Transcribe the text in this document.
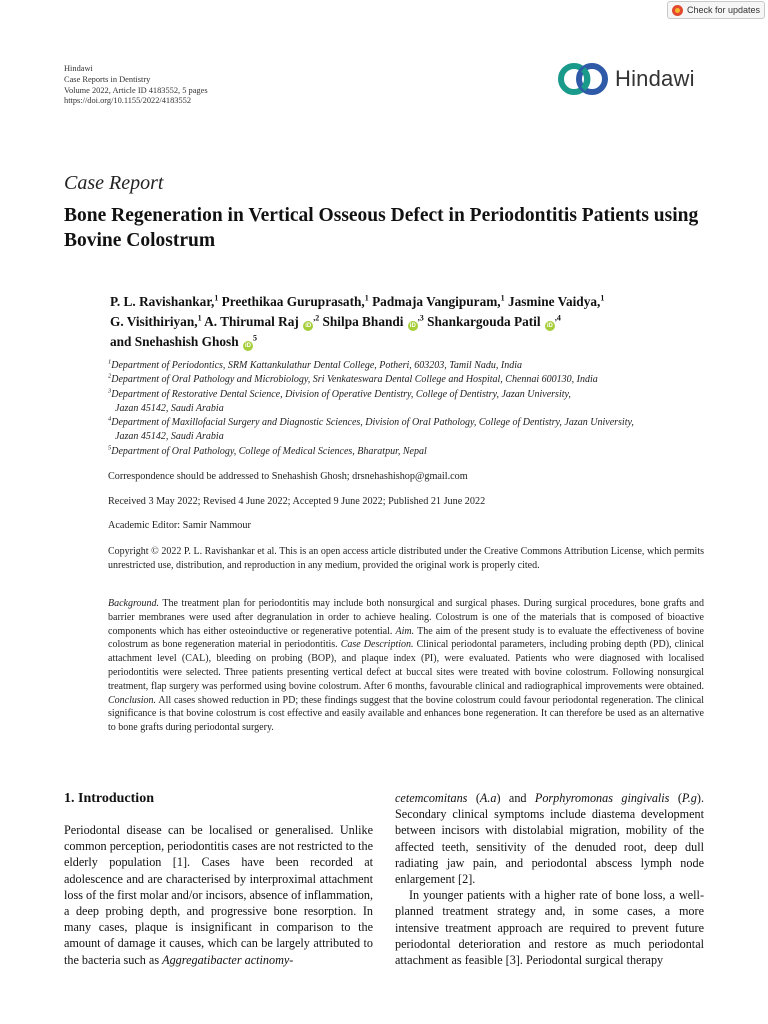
Check for updates
Hindawi
Case Reports in Dentistry
Volume 2022, Article ID 4183552, 5 pages
https://doi.org/10.1155/2022/4183552
Hindawi
Case Report
Bone Regeneration in Vertical Osseous Defect in Periodontitis Patients using Bovine Colostrum
P. L. Ravishankar,$^1$ Preethikaa Guruprasath,$^1$ Padmaja Vangipuram,$^1$ Jasmine Vaidya,$^1$
G. Visithiriyan,$^1$ A. Thirumal Raj $iD^{,2}$ Shilpa Bhandi $iD^{,3}$ Shankargouda Patil $iD^{,4}$
and Snehashish Ghosh $iD^5$
$^1$Department of Periodontics, SRM Kattankulathur Dental College, Potheri, 603203, Tamil Nadu, India
$^2$Department of Oral Pathology and Microbiology, Sri Venkateswara Dental College and Hospital, Chennai 600130, India
$^3$Department of Restorative Dental Science, Division of Operative Dentistry, College of Dentistry, Jazan University,
Jazan 45142, Saudi Arabia
$^4$Department of Maxillofacial Surgery and Diagnostic Sciences, Division of Oral Pathology, College of Dentistry, Jazan University,
Jazan 45142, Saudi Arabia
$^5$Department of Oral Pathology, College of Medical Sciences, Bharatpur, Nepal
Correspondence should be addressed to Snehashish Ghosh; drsnehashishop@gmail.com
Received 3 May 2022; Revised 4 June 2022; Accepted 9 June 2022; Published 21 June 2022
Academic Editor: Samir Nammour
Copyright © 2022 P. L. Ravishankar et al. This is an open access article distributed under the Creative Commons Attribution License, which permits unrestricted use, distribution, and reproduction in any medium, provided the original work is properly cited.
Background. The treatment plan for periodontitis may include both nonsurgical and surgical phases. During surgical procedures, bone grafts and barrier membranes were used after degranulation in order to achieve healing. Colostrum is one of the materials that is composed of bioactive components which has either osteoinductive or regenerative potential. Aim. The aim of the present study is to evaluate the effectiveness of bovine colostrum as bone regeneration material in periodontitis. Case Description. Clinical periodontal parameters, including probing depth (PD), clinical attachment level (CAL), bleeding on probing (BOP), and plaque index (PI), were evaluated. Patients who were diagnosed with localised periodontitis were selected. Three patients presenting vertical defect at buccal sites were treated with bovine colostrum. Following nonsurgical treatment, flap surgery was performed using bovine colostrum. After 6 months, favourable clinical and radiographical improvements were obtained. Conclusion. All cases showed reduction in PD; these findings suggest that the bovine colostrum could favour periodontal regeneration. The clinical significance is that bovine colostrum is cost effective and easily available and enhances bone regeneration. It can therefore be used as an alternative to bone grafts during periodontal surgery.
1. Introduction

Periodontal disease can be localised or generalised. Unlike common perception, periodontitis cases are not restricted to the elderly population [1]. Cases have been recorded at adolescence and are characterised by interproximal attachment loss of the first molar and/or incisors, absence of inflammation, a deep probing depth, and progressive bone resorption. In many cases, plaque is insignificant in comparison to the amount of damage it causes, which can be largely attributed to the bacteria such as Aggregatibacter actinomy-

cetemcomitans (A.a) and Porphyromonas gingivalis (P.g). Secondary clinical symptoms include diastema development between incisors with distolabial migration, mobility of the affected teeth, sensitivity of the denuded root, deep dull radiating jaw pain, and periodontal abscess lymph node enlargement [2].

In younger patients with a higher rate of bone loss, a well-planned treatment strategy and, in some cases, a more intensive treatment approach are required to prevent future periodontal deterioration and restore as much periodontal attachment as feasible [3]. Periodontal surgical therapy
